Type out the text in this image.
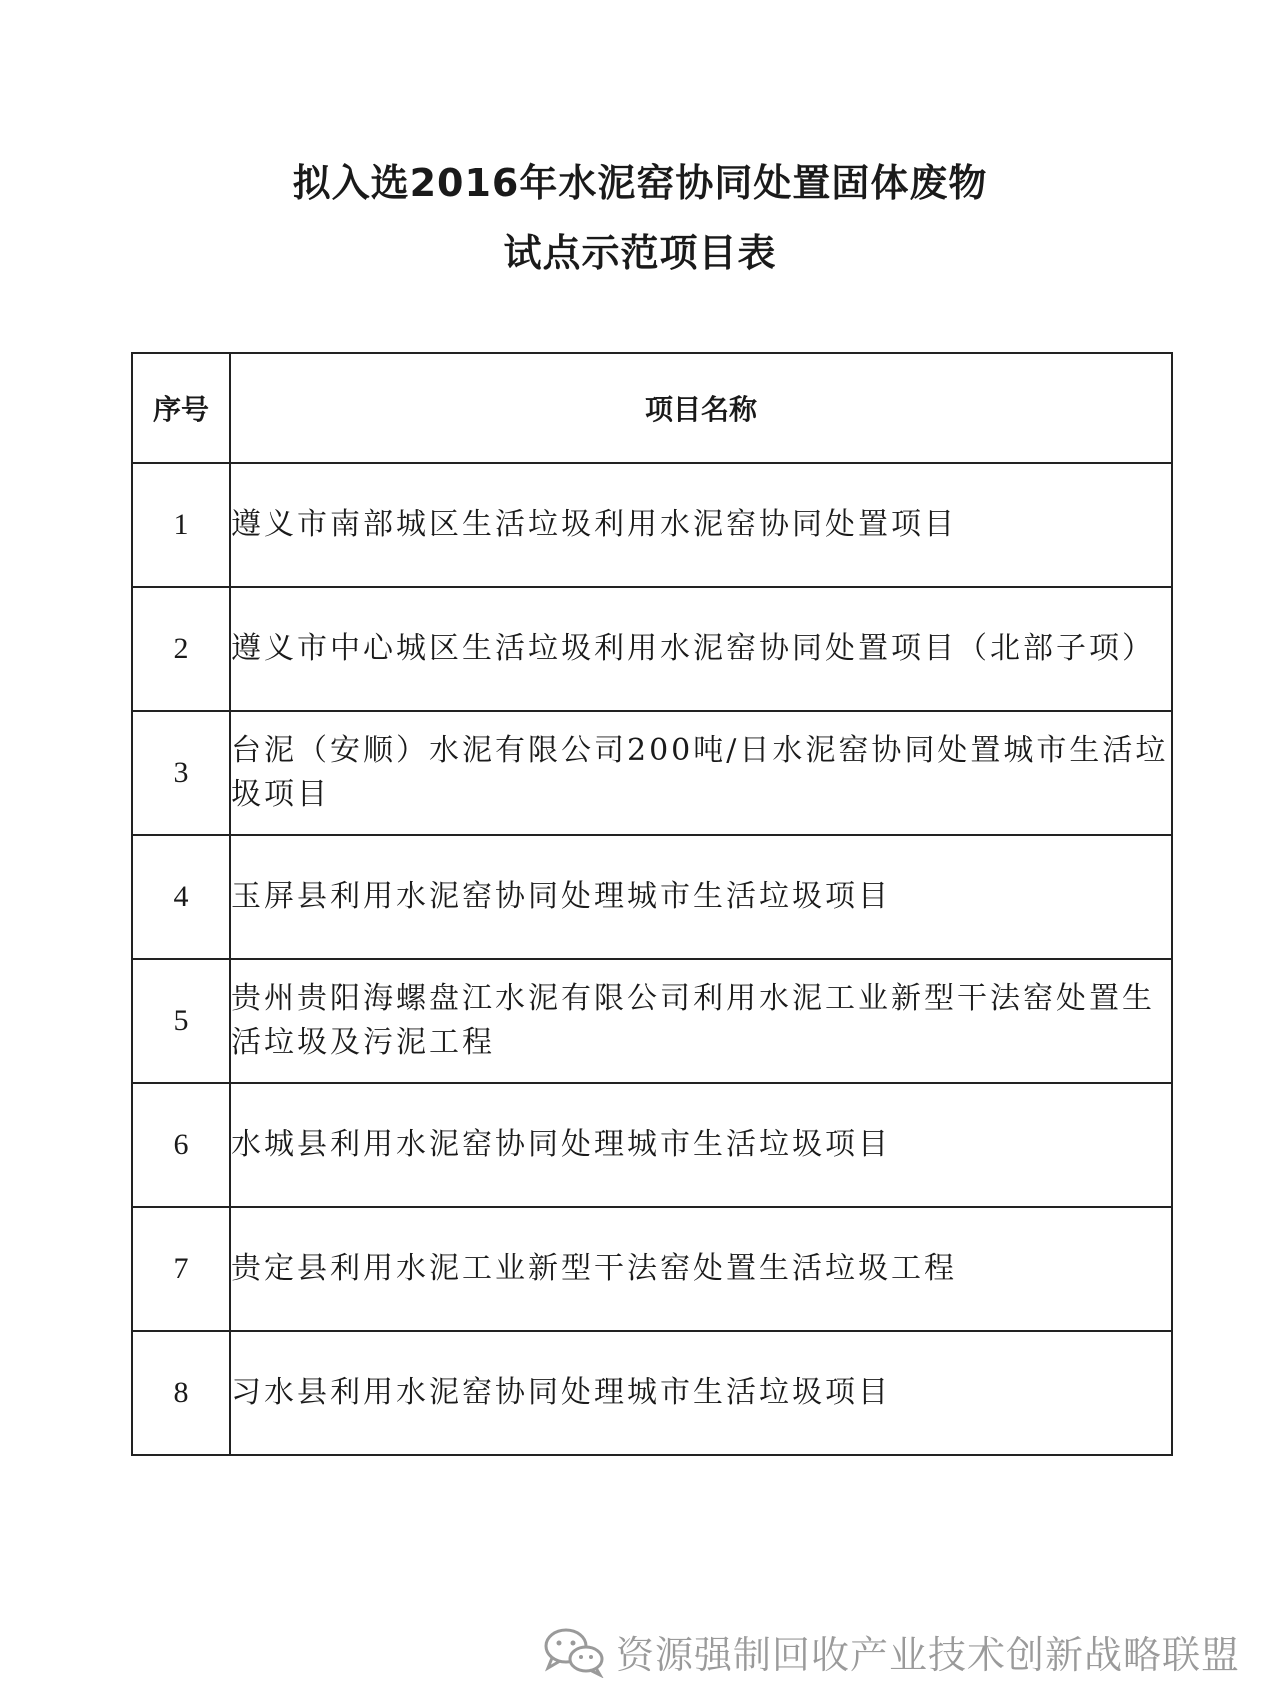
拟入选2016年水泥窑协同处置固体废物
试点示范项目表
序号	项目名称
1	遵义市南部城区生活垃圾利用水泥窑协同处置项目
2	遵义市中心城区生活垃圾利用水泥窑协同处置项目（北部子项）
3	台泥（安顺）水泥有限公司200吨/日水泥窑协同处置城市生活垃圾项目
4	玉屏县利用水泥窑协同处理城市生活垃圾项目
5	贵州贵阳海螺盘江水泥有限公司利用水泥工业新型干法窑处置生活垃圾及污泥工程
6	水城县利用水泥窑协同处理城市生活垃圾项目
7	贵定县利用水泥工业新型干法窑处置生活垃圾工程
8	习水县利用水泥窑协同处理城市生活垃圾项目
资源强制回收产业技术创新战略联盟
